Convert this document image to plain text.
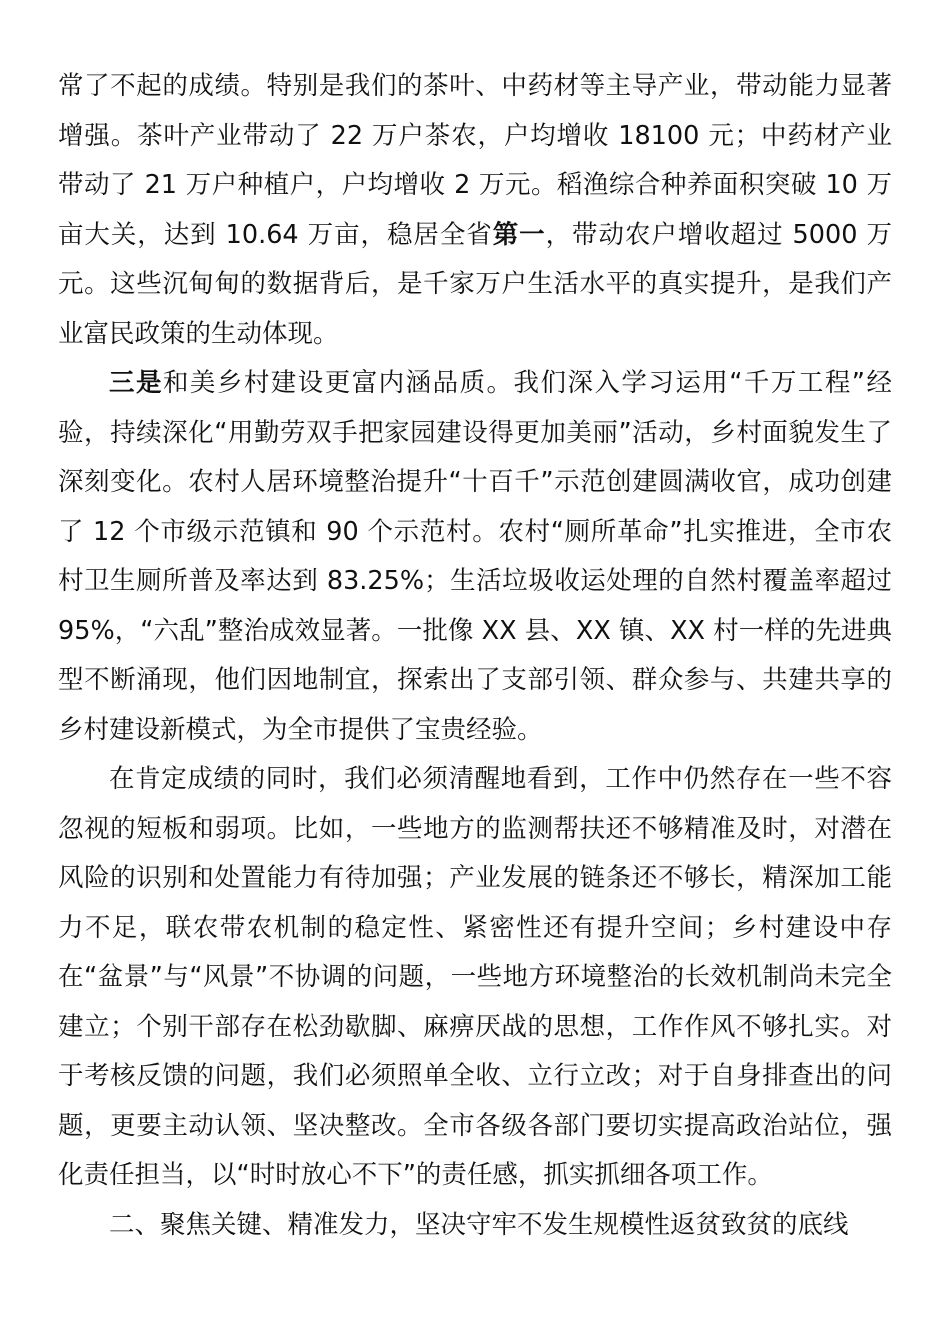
常了不起的成绩。特别是我们的茶叶、中药材等主导产业，带动能力显著增强。茶叶产业带动了 22 万户茶农，户均增收 18100 元；中药材产业带动了 21 万户种植户，户均增收 2 万元。稻渔综合种养面积突破 10 万亩大关，达到 10.64 万亩，稳居全省第一，带动农户增收超过 5000 万元。这些沉甸甸的数据背后，是千家万户生活水平的真实提升，是我们产业富民政策的生动体现。

三是和美乡村建设更富内涵品质。我们深入学习运用“千万工程”经验，持续深化“用勤劳双手把家园建设得更加美丽”活动，乡村面貌发生了深刻变化。农村人居环境整治提升“十百千”示范创建圆满收官，成功创建了 12 个市级示范镇和 90 个示范村。农村“厕所革命”扎实推进，全市农村卫生厕所普及率达到 83.25%；生活垃圾收运处理的自然村覆盖率超过 95%，“六乱”整治成效显著。一批像 XX 县、XX 镇、XX 村一样的先进典型不断涌现，他们因地制宜，探索出了支部引领、群众参与、共建共享的乡村建设新模式，为全市提供了宝贵经验。

在肯定成绩的同时，我们必须清醒地看到，工作中仍然存在一些不容忽视的短板和弱项。比如，一些地方的监测帮扶还不够精准及时，对潜在风险的识别和处置能力有待加强；产业发展的链条还不够长，精深加工能力不足，联农带农机制的稳定性、紧密性还有提升空间；乡村建设中存在“盆景”与“风景”不协调的问题，一些地方环境整治的长效机制尚未完全建立；个别干部存在松劲歇脚、麻痹厌战的思想，工作作风不够扎实。对于考核反馈的问题，我们必须照单全收、立行立改；对于自身排查出的问题，更要主动认领、坚决整改。全市各级各部门要切实提高政治站位，强化责任担当，以“时时放心不下”的责任感，抓实抓细各项工作。

二、聚焦关键、精准发力，坚决守牢不发生规模性返贫致贫的底线
